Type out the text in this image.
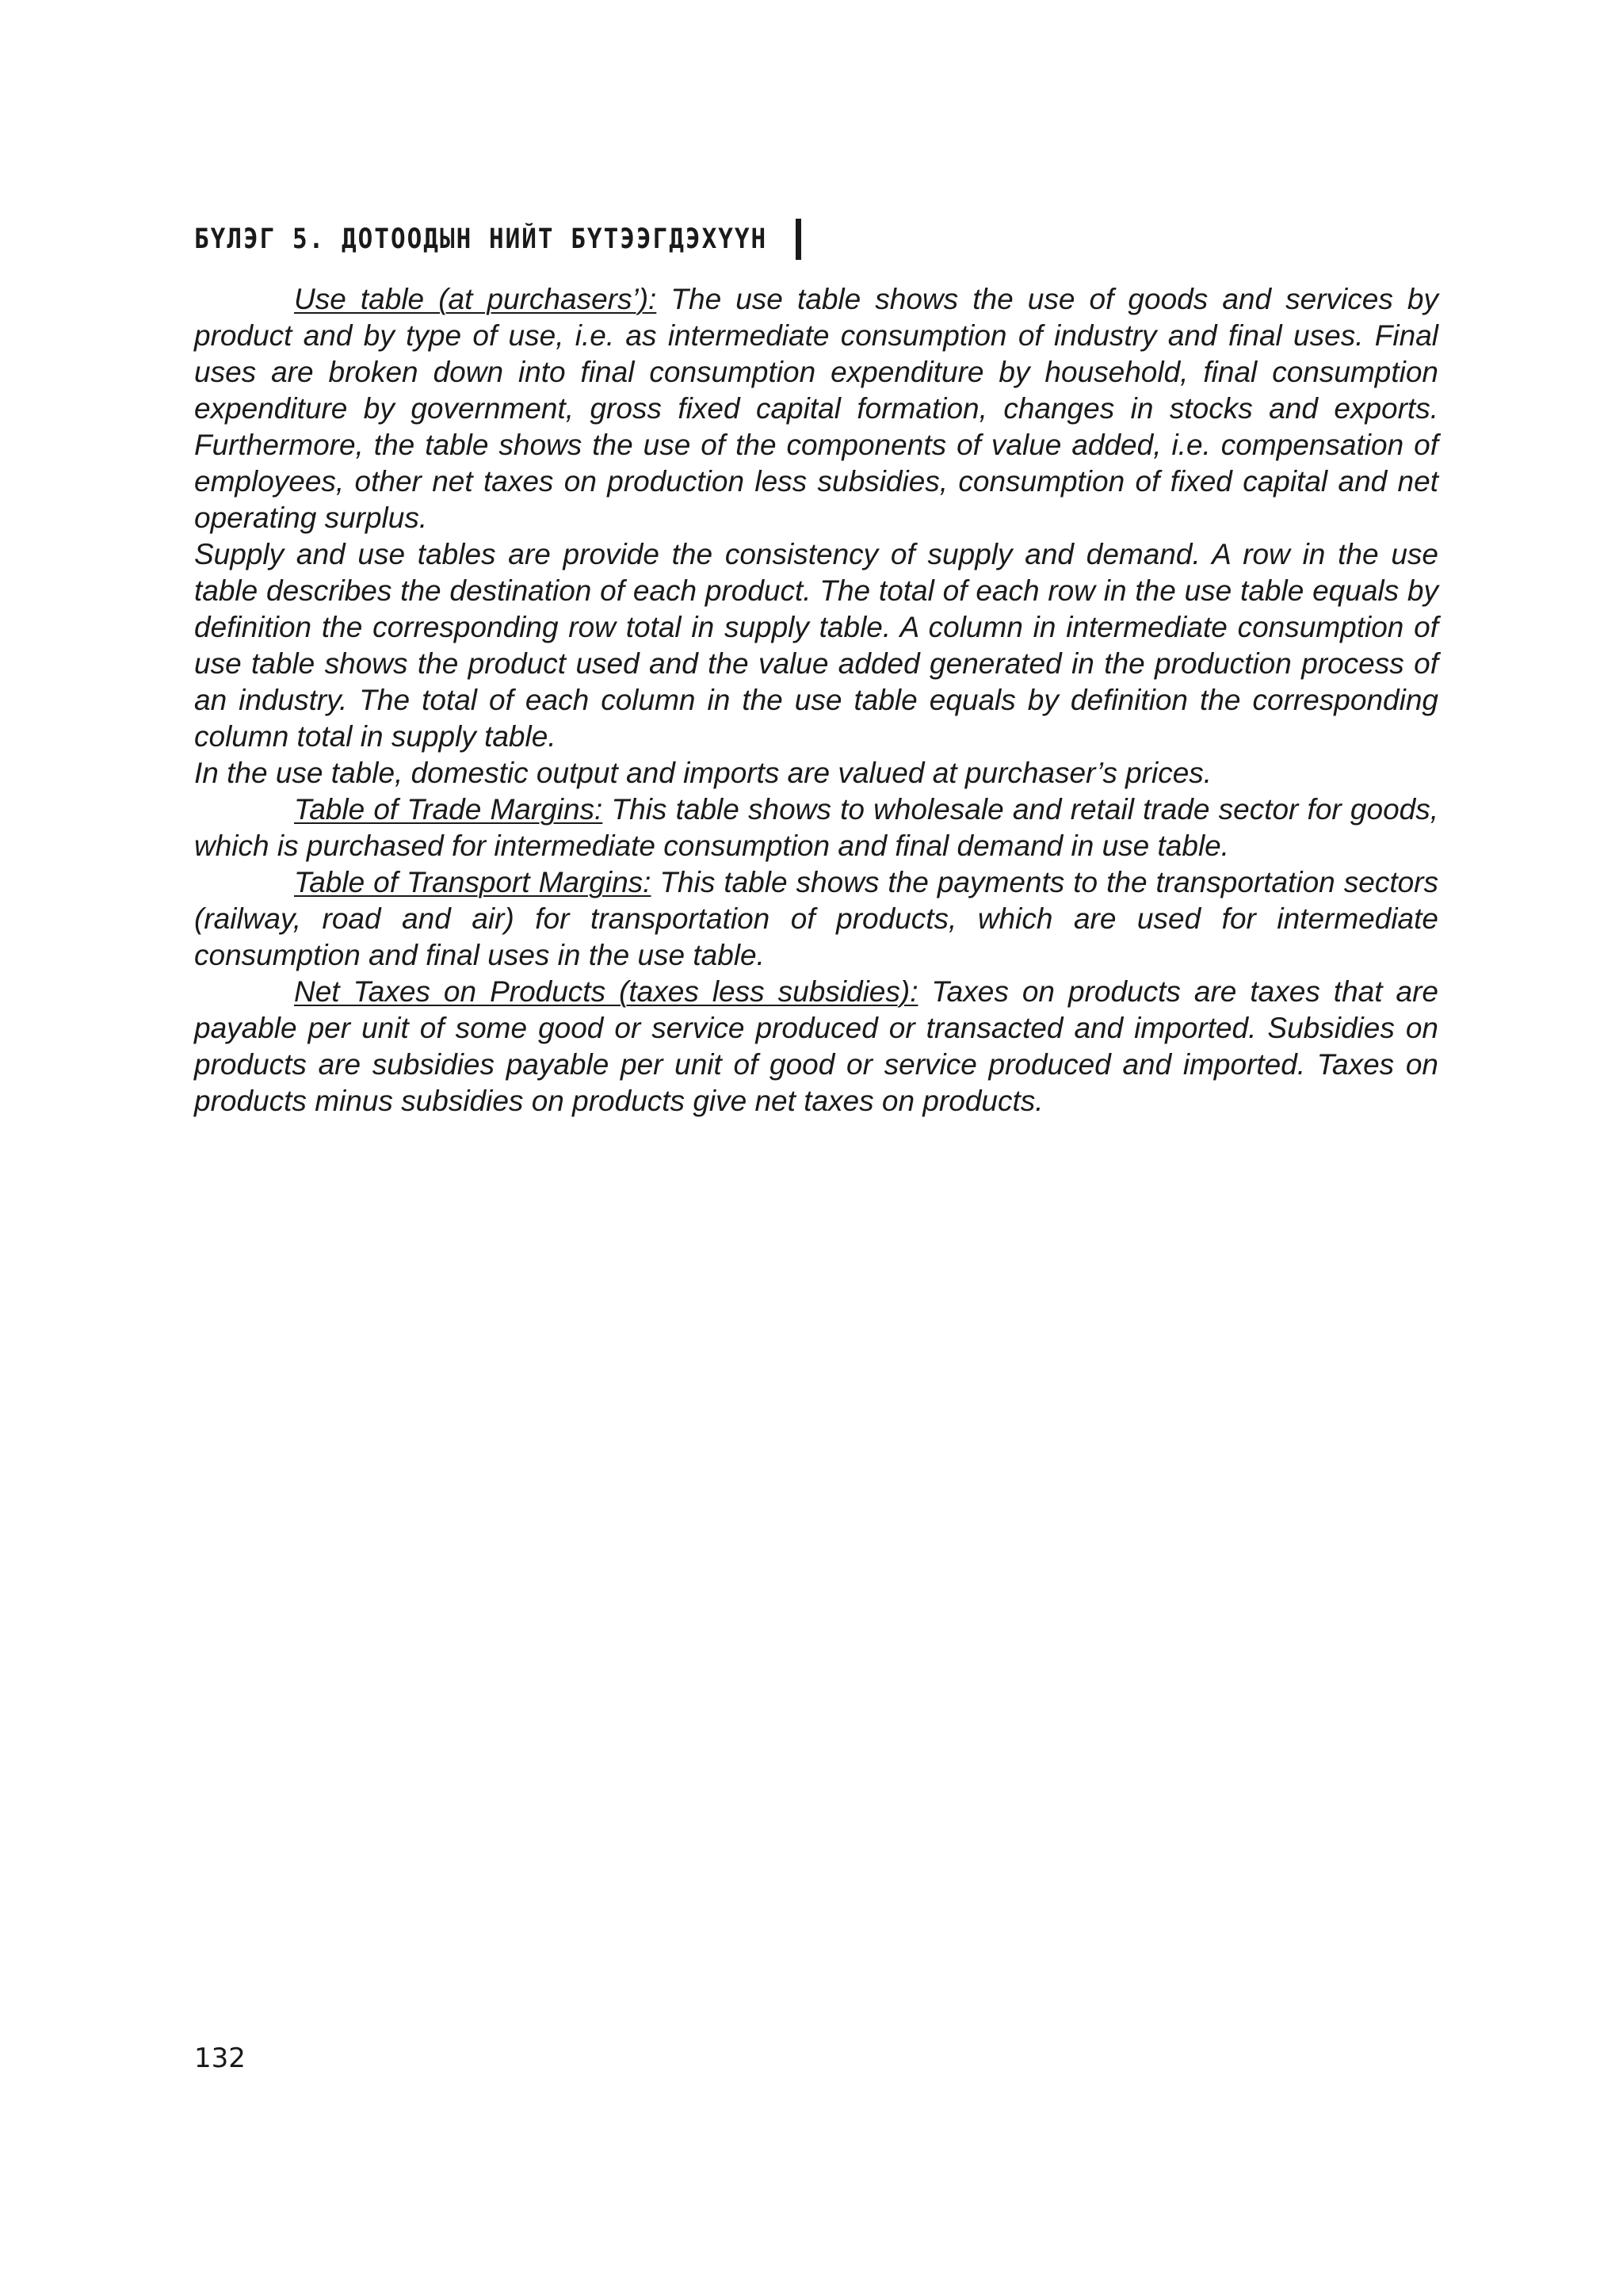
БҮЛЭГ 5. ДОТООДЫН НИЙТ БҮТЭЭГДЭХҮҮН

Use table (at purchasers’): The use table shows the use of goods and services by product and by type of use, i.e. as intermediate consumption of industry and final uses. Final uses are broken down into final consumption expenditure by household, final consumption expenditure by government, gross fixed capital formation, changes in stocks and exports. Furthermore, the table shows the use of the components of value added, i.e. compensation of employees, other net taxes on production less subsidies, consumption of fixed capital and net operating surplus.

Supply and use tables are provide the consistency of supply and demand. A row in the use table describes the destination of each product. The total of each row in the use table equals by definition the corresponding row total in supply table. A column in intermediate consumption of use table shows the product used and the value added generated in the production process of an industry. The total of each column in the use table equals by definition the corresponding column total in supply table.

In the use table, domestic output and imports are valued at purchaser’s prices.

Table of Trade Margins: This table shows to wholesale and retail trade sector for goods, which is purchased for intermediate consumption and final demand in use table.

Table of Transport Margins: This table shows the payments to the transportation sectors (railway, road and air) for transportation of products, which are used for intermediate consumption and final uses in the use table.

Net Taxes on Products (taxes less subsidies): Taxes on products are taxes that are payable per unit of some good or service produced or transacted and imported. Subsidies on products are subsidies payable per unit of good or service produced and imported. Taxes on products minus subsidies on products give net taxes on products.

132
